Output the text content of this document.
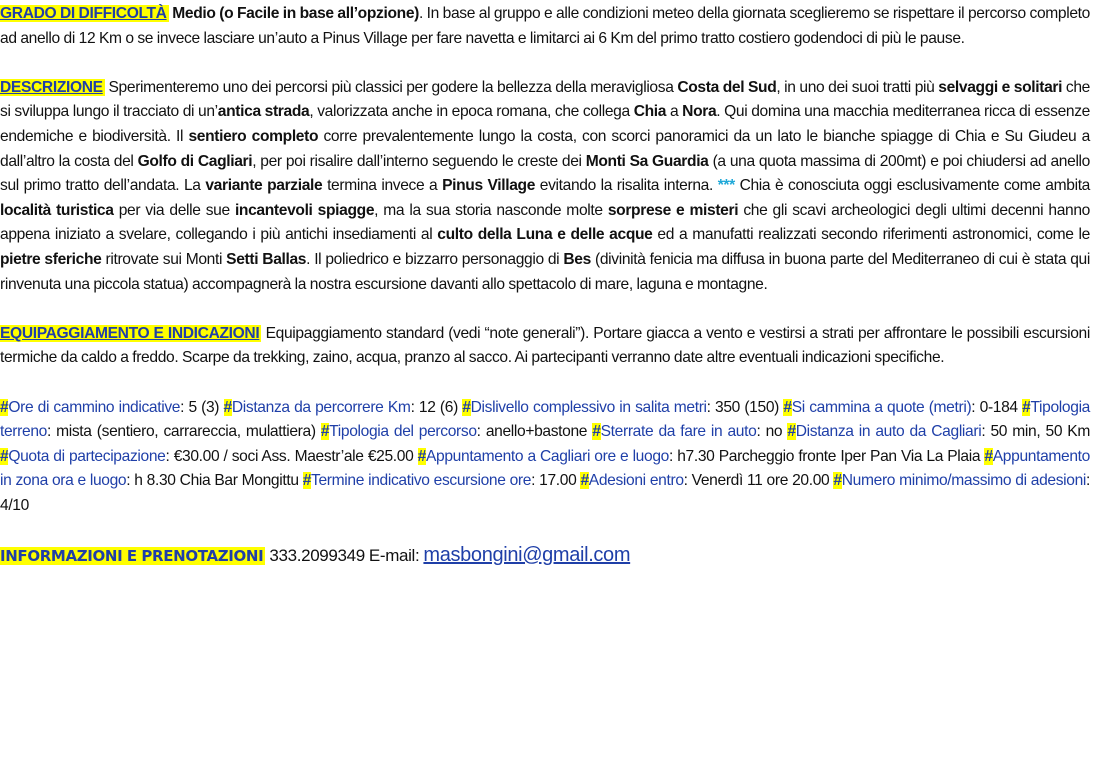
GRADO DI DIFFICOLTÀ Medio (o Facile in base all’opzione). In base al gruppo e alle condizioni meteo della giornata sceglieremo se rispettare il percorso completo ad anello di 12 Km o se invece lasciare un’auto a Pinus Village per fare navetta e limitarci ai 6 Km del primo tratto costiero godendoci di più le pause.

DESCRIZIONE Sperimenteremo uno dei percorsi più classici per godere la bellezza della meravigliosa Costa del Sud, in uno dei suoi tratti più selvaggi e solitari che si sviluppa lungo il tracciato di un’antica strada, valorizzata anche in epoca romana, che collega Chia a Nora. Qui domina una macchia mediterranea ricca di essenze endemiche e biodiversità. Il sentiero completo corre prevalentemente lungo la costa, con scorci panoramici da un lato le bianche spiagge di Chia e Su Giudeu a dall’altro la costa del Golfo di Cagliari, per poi risalire dall’interno seguendo le creste dei Monti Sa Guardia (a una quota massima di 200mt) e poi chiudersi ad anello sul primo tratto dell’andata. La variante parziale termina invece a Pinus Village evitando la risalita interna. *** Chia è conosciuta oggi esclusivamente come ambita località turistica per via delle sue incantevoli spiagge, ma la sua storia nasconde molte sorprese e misteri che gli scavi archeologici degli ultimi decenni hanno appena iniziato a svelare, collegando i più antichi insediamenti al culto della Luna e delle acque ed a manufatti realizzati secondo riferimenti astronomici, come le pietre sferiche ritrovate sui Monti Setti Ballas. Il poliedrico e bizzarro personaggio di Bes (divinità fenicia ma diffusa in buona parte del Mediterraneo di cui è stata qui rinvenuta una piccola statua) accompagnerà la nostra escursione davanti allo spettacolo di mare, laguna e montagne.

EQUIPAGGIAMENTO E INDICAZIONI Equipaggiamento standard (vedi “note generali”). Portare giacca a vento e vestirsi a strati per affrontare le possibili escursioni termiche da caldo a freddo. Scarpe da trekking, zaino, acqua, pranzo al sacco. Ai partecipanti verranno date altre eventuali indicazioni specifiche.

#Ore di cammino indicative: 5 (3) #Distanza da percorrere Km: 12 (6) #Dislivello complessivo in salita metri: 350 (150) #Si cammina a quote (metri): 0-184 #Tipologia terreno: mista (sentiero, carrareccia, mulattiera) #Tipologia del percorso: anello+bastone #Sterrate da fare in auto: no #Distanza in auto da Cagliari: 50 min, 50 Km #Quota di partecipazione: €30.00 / soci Ass. Maestr’ale €25.00 #Appuntamento a Cagliari ore e luogo: h7.30 Parcheggio fronte Iper Pan Via La Plaia #Appuntamento in zona ora e luogo: h 8.30 Chia Bar Mongittu #Termine indicativo escursione ore: 17.00 #Adesioni entro: Venerdì 11 ore 20.00 #Numero minimo/massimo di adesioni: 4/10

INFORMAZIONI E PRENOTAZIONI 333.2099349 E-mail: masbongini@gmail.com
